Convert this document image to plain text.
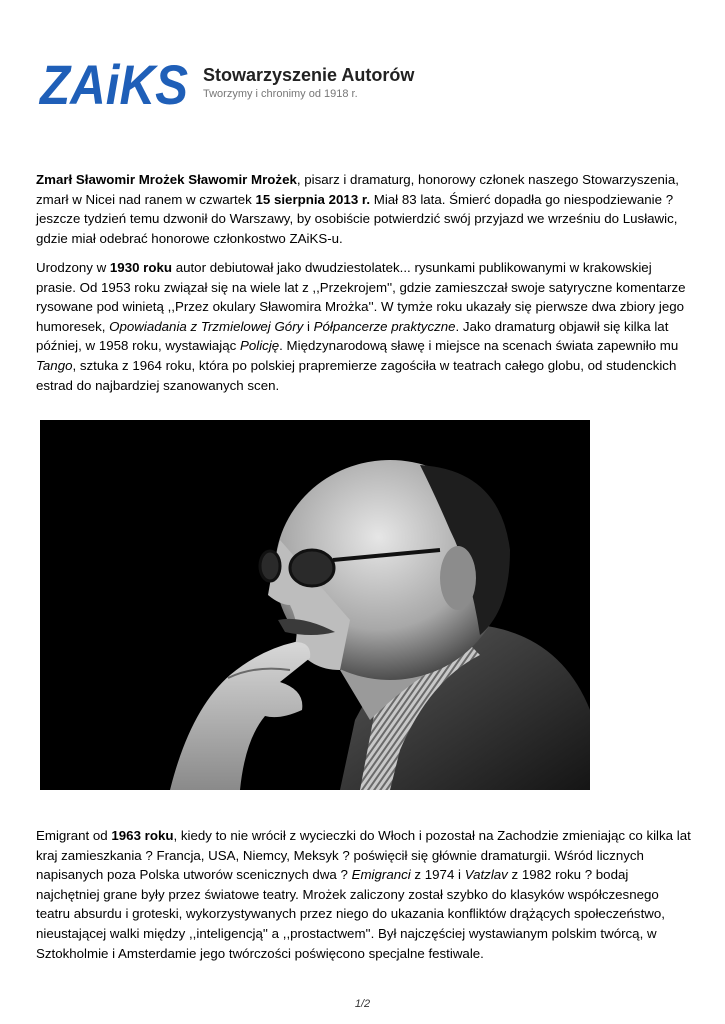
ZAiKS Stowarzyszenie Autorów
Tworzymy i chronimy od 1918 r.

Zmarł Sławomir Mrożek Sławomir Mrożek, pisarz i dramaturg, honorowy członek naszego Stowarzyszenia, zmarł w Nicei nad ranem w czwartek 15 sierpnia 2013 r. Miał 83 lata. Śmierć dopadła go niespodziewanie ? jeszcze tydzień temu dzwonił do Warszawy, by osobiście potwierdzić swój przyjazd we wrześniu do Lusławic, gdzie miał odebrać honorowe członkostwo ZAiKS-u.

Urodzony w 1930 roku autor debiutował jako dwudziestolatek... rysunkami publikowanymi w krakowskiej prasie. Od 1953 roku związał się na wiele lat z ,,Przekrojem'', gdzie zamieszczał swoje satyryczne komentarze rysowane pod winietą ,,Przez okulary Sławomira Mrożka''. W tymże roku ukazały się pierwsze dwa zbiory jego humoresek, Opowiadania z Trzmielowej Góry i Półpancerze praktyczne. Jako dramaturg objawił się kilka lat później, w 1958 roku, wystawiając Policję. Międzynarodową sławę i miejsce na scenach świata zapewniło mu Tango, sztuka z 1964 roku, która po polskiej prapremierze zagościła w teatrach całego globu, od studenckich estrad do najbardziej szanowanych scen.

Emigrant od 1963 roku, kiedy to nie wrócił z wycieczki do Włoch i pozostał na Zachodzie zmieniając co kilka lat kraj zamieszkania ? Francja, USA, Niemcy, Meksyk ? poświęcił się głównie dramaturgii. Wśród licznych napisanych poza Polska utworów scenicznych dwa ? Emigranci z 1974 i Vatzlav z 1982 roku ? bodaj najchętniej grane były przez światowe teatry. Mrożek zaliczony został szybko do klasyków współczesnego teatru absurdu i groteski, wykorzystywanych przez niego do ukazania konfliktów drążących społeczeństwo, nieustającej walki między ,,inteligencją'' a ,,prostactwem''. Był najczęściej wystawianym polskim twórcą, w Sztokholmie i Amsterdamie jego twórczości poświęcono specjalne festiwale.

1/2
